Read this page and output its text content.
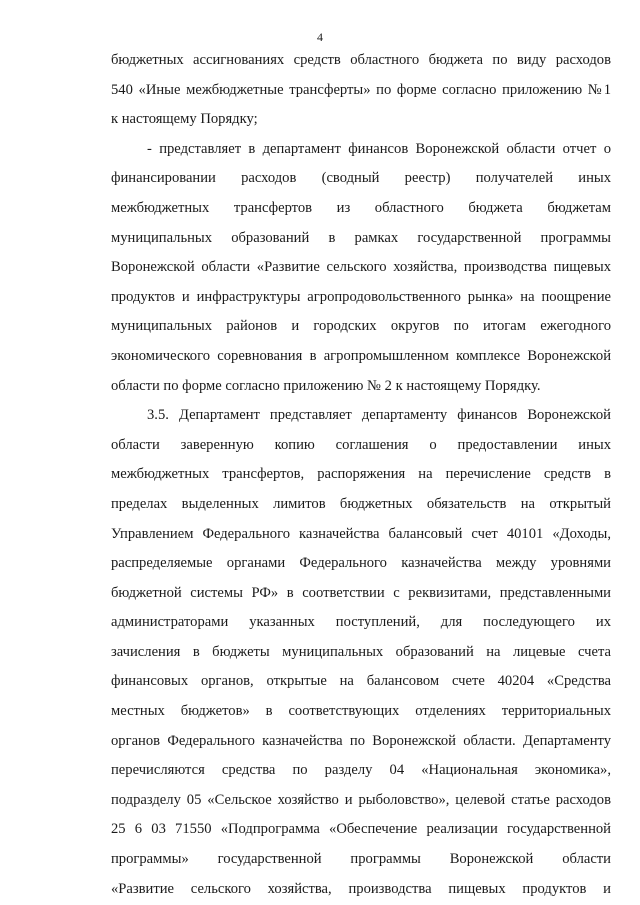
4
бюджетных ассигнованиях средств областного бюджета по виду расходов
540 «Иные межбюджетные трансферты» по форме согласно приложению №1
к настоящему Порядку;
- представляет в департамент финансов Воронежской области отчет о
финансировании расходов (сводный реестр) получателей иных
межбюджетных трансфертов из областного бюджета бюджетам
муниципальных образований в рамках государственной программы
Воронежской области «Развитие сельского хозяйства, производства пищевых
продуктов и инфраструктуры агропродовольственного рынка» на поощрение
муниципальных районов и городских округов по итогам ежегодного
экономического соревнования в агропромышленном комплексе Воронежской
области по форме согласно приложению № 2 к настоящему Порядку.
3.5. Департамент представляет департаменту финансов Воронежской
области заверенную копию соглашения о предоставлении иных
межбюджетных трансфертов, распоряжения на перечисление средств в
пределах выделенных лимитов бюджетных обязательств на открытый
Управлением Федерального казначейства балансовый счет 40101 «Доходы,
распределяемые органами Федерального казначейства между уровнями
бюджетной системы РФ» в соответствии с реквизитами, представленными
администраторами указанных поступлений, для последующего их
зачисления в бюджеты муниципальных образований на лицевые счета
финансовых органов, открытые на балансовом счете 40204 «Средства
местных бюджетов» в соответствующих отделениях территориальных
органов Федерального казначейства по Воронежской области. Департаменту
перечисляются средства по разделу 04 «Национальная экономика»,
подразделу 05 «Сельское хозяйство и рыболовство», целевой статье расходов
25 6 03 71550 «Подпрограмма «Обеспечение реализации государственной
программы» государственной программы Воронежской области
«Развитие сельского хозяйства, производства пищевых продуктов и
